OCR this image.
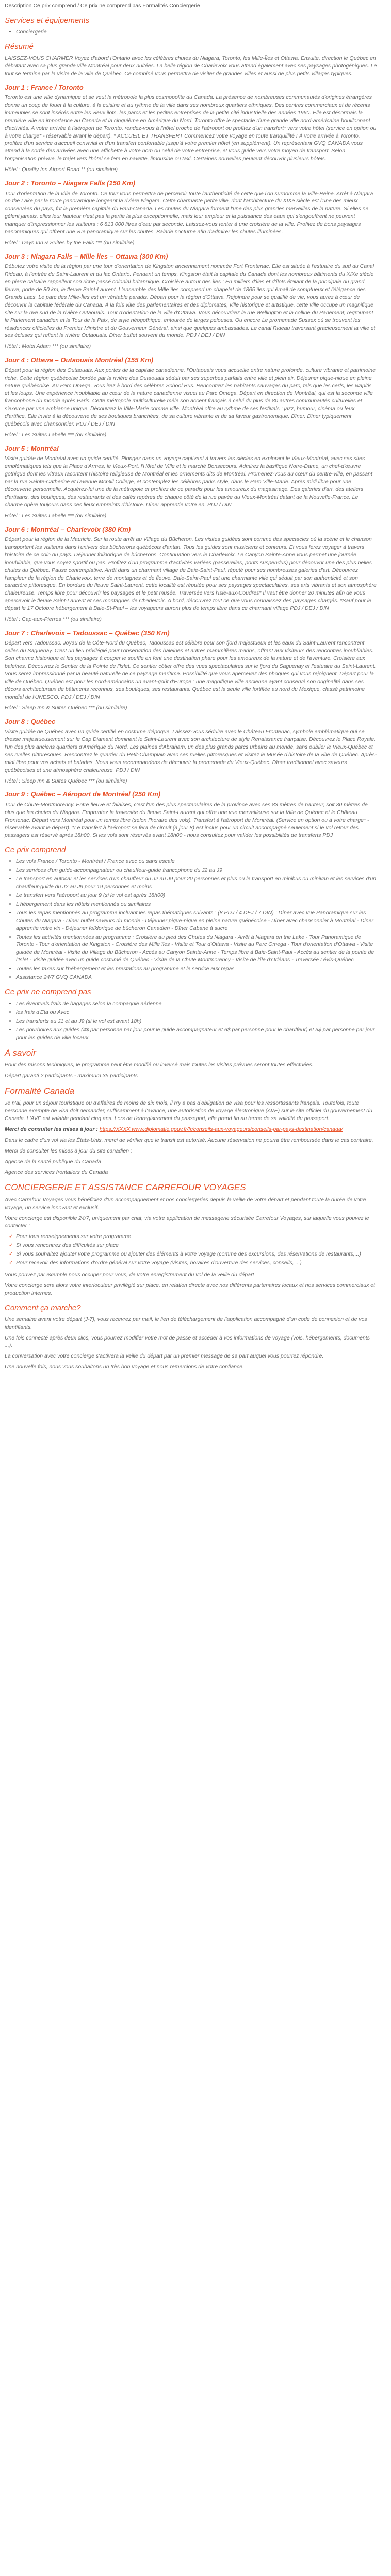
Description Ce prix comprend / Ce prix ne comprend pas Formalités Conciergerie
Services et équipements
• Conciergerie
Résumé

LAISSEZ-VOUS CHARMER Voyez d'abord l'Ontario avec les célèbres chutes du Niagara, Toronto, les Mille-Îles et Ottawa. Ensuite, direction le Québec en débutant avec sa plus grande ville Montréal pour deux nuitées. La belle région de Charlevoix vous attend également avec ses paysages photogéniques. Le tout se termine par la visite de la ville de Québec. Ce combiné vous permettra de visiter de grandes villes et aussi de plus petits villages typiques.

Jour 1 : France / Toronto

Toronto est une ville dynamique et se veut la métropole la plus cosmopolite du Canada. La présence de nombreuses communautés d'origines étrangères donne un coup de fouet à la culture, à la cuisine et au rythme de la ville dans ses nombreux quartiers ethniques. Des centres commerciaux et de récents immeubles se sont insérés entre les vieux ilots, les parcs et les petites entreprises de la petite cité industrielle des années 1960. Elle est désormais la première ville en importance au Canada et la cinquième en Amérique du Nord. Toronto offre le spectacle d'une grande ville nord-américaine bouillonnant d'activités. A votre arrivée à l'aéroport de Toronto, rendez-vous à l'hôtel proche de l'aéroport ou profitez d'un transfert* vers votre hôtel (service en option ou à votre charge* - réservable avant le départ). * ACCUEIL ET TRANSFERT Commencez votre voyage en toute tranquillité ! À votre arrivée à Toronto, profitez d'un service d'accueil convivial et d'un transfert confortable jusqu'à votre premier hôtel (en supplément). Un représentant GVQ CANADA vous attend à la sortie des arrivées avec une affichette à votre nom ou celui de votre entreprise, et vous guide vers votre moyen de transport. Selon l'organisation prévue, le trajet vers l'hôtel se fera en navette, limousine ou taxi. Certaines nouvelles peuvent découvrir plusieurs hôtels.

Hôtel : Quality Inn Airport Road ** (ou similaire)

Jour 2 : Toronto – Niagara Falls (150 Km)

Tour d'orientation de la ville de Toronto. Ce tour vous permettra de percevoir toute l'authenticité de cette que l'on surnomme la Ville-Reine. Arrêt à Niagara on the Lake par la route panoramique longeant la rivière Niagara. Cette charmante petite ville, dont l'architecture du XIXe siècle est l'une des mieux conservées du pays, fut la première capitale du Haut-Canada. Les chutes du Niagara forment l'une des plus grandes merveilles de la nature. Si elles ne gèlent jamais, elles leur hauteur n'est pas la partie la plus exceptionnelle, mais leur ampleur et la puissance des eaux qui s'engouffrent ne peuvent manquer d'impressionner les visiteurs : 6 813 000 litres d'eau par seconde. Laissez-vous tenter à une croisière de la ville. Profitez de bons paysages panoramiques qui offrent une vue panoramique sur les chutes. Balade nocturne afin d'admirer les chutes illuminées.

Hôtel : Days Inn & Suites by the Falls *** (ou similaire)

Jour 3 : Niagara Falls – Mille îles – Ottawa (300 Km)

Débutez votre visite de la région par une tour d'orientation de Kingston anciennement nommée Fort Frontenac. Elle est située à l'estuaire du sud du Canal Rideau, à l'entrée du Saint-Laurent et du lac Ontario. Pendant un temps, Kingston était la capitale du Canada dont les nombreux bâtiments du XIXe siècle en pierre calcaire rappellent son riche passé colonial britannique. Croisière autour des îles : En milliers d'îles et d'îlots étalant de la principale du grand fleuve, porte de 80 km, le fleuve Saint-Laurent. L'ensemble des Mille îles comprend un chapelet de 1865 îles qui émail de somptueux et l'élégance des Grands Lacs. Le parc des Mille-Îles est un véritable paradis. Départ pour la région d'Ottawa. Rejoindre pour se qualifié de vie, vous aurez à cœur de découvrir la capitale fédérale du Canada. À la fois ville des parlementaires et des diplomates, ville historique et artistique, cette ville occupe un magnifique site sur la rive sud de la rivière Outaouais. Tour d'orientation de la ville d'Ottawa. Vous découvrirez la rue Wellington et la colline du Parlement, regroupant le Parlement canadien et la Tour de la Paix, de style néogothique, entourée de larges pelouses. Ou encore Le promenade Sussex où se trouvent les résidences officielles du Premier Ministre et du Gouverneur Général, ainsi que quelques ambassades. Le canal Rideau traversant gracieusement la ville et ses écluses qui relient la rivière Outaouais. Diner buffet souvent du monde. PDJ / DEJ / DIN

Hôtel : Motel Adam *** (ou similaire)

Jour 4 : Ottawa – Outaouais Montréal (155 Km)

Départ pour la région des Outaouais. Aux portes de la capitale canadienne, l'Outaouais vous accueille entre nature profonde, culture vibrante et patrimoine riche. Cette région québécoise bordée par la rivière des Outaouais séduit par ses superbes parfaits entre ville et plein air. Déjeuner pique-nique en pleine nature québécoise. Au Parc Omega, vous irez à bord des célèbres School Bus. Rencontrez les habitants sauvages du parc, tels que les cerfs, les wapitis et les loups. Une expérience inoubliable au cœur de la nature canadienne visuel au Parc Omega. Départ en direction de Montréal, qui est la seconde ville francophone du monde après Paris. Cette métropole multiculturelle mêle son accent français à celui du plus de 80 autres communautés culturelles et s'exerce par une ambiance unique. Découvrez la Ville-Marie comme ville. Montréal offre au rythme de ses festivals : jazz, humour, cinéma ou feux d'artifice. Elle invite à la découverte de ses boutiques branchées, de sa culture vibrante et de sa faveur gastronomique. Dîner. Dîner typiquement québécois avec chansonnier. PDJ / DEJ / DIN

Hôtel : Les Suites Labelle *** (ou similaire)

Jour 5 : Montréal

Visite guidée de Montréal avec un guide certifié. Plongez dans un voyage captivant à travers les siècles en explorant le Vieux-Montréal, avec ses sites emblématiques tels que la Place d'Armes, le Vieux-Port, l'Hôtel de Ville et le marché Bonsecours. Admirez la basilique Notre-Dame, un chef-d'œuvre gothique dont les vitraux racontent l'histoire religieuse de Montréal et les ornements dits de Montréal. Promenez-vous au cœur du centre-ville, en passant par la rue Sainte-Catherine et l'avenue McGill College, et contemplez les célèbres parks style, dans le Parc Ville-Marie. Après midi libre pour une découverte personnelle. Acquérez-lui une de la métropole et profitez de ce paradis pour les amoureux du magasinage. Des galeries d'art, des ateliers d'artisans, des boutiques, des restaurants et des cafés repères de chaque côté de la rue pavée du Vieux-Montréal datant de la Nouvelle-France. Le charme opère toujours dans ces lieux empreints d'histoire. Dîner apprentie votre en. PDJ / DIN

Hôtel : Les Suites Labelle *** (ou similaire)

Jour 6 : Montréal – Charlevoix (380 Km)

Départ pour la région de la Mauricie. Sur la route arrêt au Village du Bûcheron. Les visites guidées sont comme des spectacles où la scène et le chanson transportent les visiteurs dans l'univers des bûcherons québécois d'antan. Tous les guides sont musiciens et conteurs. Et vous ferez voyager à travers l'histoire de ce coin du pays. Déjeuner folklorique de bûcherons. Continuation vers le Charlevoix. Le Canyon Sainte-Anne vous permet une journée inoubliable, que vous soyez sportif ou pas. Profitez d'un programme d'activités variées (passerelles, ponts suspendus) pour découvrir une des plus belles chutes du Québec. Pause contemplative. Arrêt dans un charmant village de Baie-Saint-Paul, réputé pour ses nombreuses galeries d'art. Découvrez l'ampleur de la région de Charlevoix, terre de montagnes et de fleuve. Baie-Saint-Paul est une charmante ville qui séduit par son authenticité et son caractère pittoresque. En bordure du fleuve Saint-Laurent, cette localité est réputée pour ses paysages spectaculaires, ses arts vibrants et son atmosphère chaleureuse. Temps libre pour découvrir les paysages et le petit musée. Traversée vers l'Isle-aux-Coudres* Il vaut être donner 20 minutes afin de vous apercevoir le fleuve Saint-Laurent et ses montagnes de Charlevoix. À bord, découvrez tout ce que vous connaissez des paysages chargés. *Sauf pour le départ le 17 Octobre hébergement à Baie-St-Paul – les voyageurs auront plus de temps libre dans ce charmant village PDJ / DEJ / DIN

Hôtel : Cap-aux-Pierres *** (ou similaire)

Jour 7 : Charlevoix – Tadoussac – Québec (350 Km)

Départ vers Tadoussac. Joyau de la Côte-Nord du Québec, Tadoussac est célèbre pour son fjord majestueux et les eaux du Saint-Laurent rencontrent celles du Saguenay. C'est un lieu privilégié pour l'observation des baleines et autres mammifères marins, offrant aux visiteurs des rencontres inoubliables. Son charme historique et les paysages à couper le souffle en font une destination phare pour les amoureux de la nature et de l'aventure. Croisière aux baleines. Découvrez le Sentier de la Pointe de l'Islet. Ce sentier côtier offre des vues spectaculaires sur le fjord du Saguenay et l'estuaire du Saint-Laurent. Vous serez impressionné par la beauté naturelle de ce paysage maritime. Possibilité que vous apercevez des phoques qui vous rejoignent. Départ pour la ville de Québec. Québec est pour les nord-américains un avant-goût d'Europe : une magnifique ville ancienne ayant conservé son originalité dans ses décors architecturaux de bâtiments reconnus, ses boutiques, ses restaurants. Québec est la seule ville fortifiée au nord du Mexique, classé patrimoine mondial de l'UNESCO. PDJ / DEJ / DIN

Hôtel : Sleep Inn & Suites Québec *** (ou similaire)

Jour 8 : Québec

Visite guidée de Québec avec un guide certifié en costume d'époque. Laissez-vous séduire avec le Château Frontenac, symbole emblématique qui se dresse majestueusement sur le Cap Diamant dominant le Saint-Laurent avec son architecture de style Renaissance française. Découvrez le Place Royale, l'un des plus anciens quartiers d'Amérique du Nord. Les plaines d'Abraham, un des plus grands parcs urbains au monde, sans oublier le Vieux-Québec et ses ruelles pittoresques. Rencontrez le quartier du Petit-Champlain avec ses ruelles pittoresques et visitez le Musée d'histoire de la ville de Québec. Après-midi libre pour vos achats et balades. Nous vous recommandons de découvrir la promenade du Vieux-Québec. Dîner traditionnel avec saveurs québécoises et une atmosphère chaleureuse. PDJ / DIN

Hôtel : Sleep Inn & Suites Québec *** (ou similaire)

Jour 9 : Québec – Aéroport de Montréal (250 Km)

Tour de Chute-Montmorency. Entre fleuve et falaises, c'est l'un des plus spectaculaires de la province avec ses 83 mètres de hauteur, soit 30 mètres de plus que les chutes du Niagara. Empruntez la traversée du fleuve Saint-Laurent qui offre une vue merveilleuse sur la Ville de Québec et le Château Frontenac. Départ vers Montréal pour un temps libre (selon l'horaire des vols). Transfert à l'aéroport de Montréal. (Service en option ou à votre charge* - réservable avant le départ). *Le transfert à l'aéroport se fera de circuit (à jour 8) est inclus pour un circuit accompagné seulement si le vol retour des passagers est réservé après 18h00. Si les vols sont réservés avant 18h00 - nous consultez pour valider les possibilités de transferts PDJ

Ce prix comprend
• Les vols France / Toronto - Montréal / France avec ou sans escale
• Les services d'un guide-accompagnateur ou chauffeur-guide francophone du J2 au J9
• Le transport en autocar et les services d'un chauffeur du J2 au J9 pour 20 personnes et plus ou le transport en minibus ou minivan et les services d'un chauffeur-guide du J2 au J9 pour 19 personnes et moins
• Le transfert vers l'aéroport au jour 9 (si le vol est après 18h00)
• L'hébergement dans les hôtels mentionnés ou similaires
• Tous les repas mentionnés au programme incluant les repas thématiques suivants : (8 PDJ / 4 DEJ / 7 DIN) : Dîner avec vue Panoramique sur les Chutes du Niagara - Dîner buffet saveurs du monde - Déjeuner pique-nique en pleine nature québécoise - Dîner avec chansonnier à Montréal - Diner apprentie votre vin - Déjeuner folklorique de bûcheron Canadien - Dîner Cabane à sucre
• Toutes les activités mentionnées au programme : Croisière au pied des Chutes du Niagara - Arrêt à Niagara on the Lake - Tour Panoramique de Toronto - Tour d'orientation de Kingston - Croisière des Mille îles - Visite et Tour d'Ottawa - Visite au Parc Omega - Tour d'orientation d'Ottawa - Visite guidée de Montréal - Visite du Village du Bûcheron - Accès au Canyon Sainte-Anne - Temps libre à Baie-Saint-Paul - Accès au sentier de la pointe de l'Islet - Visite guidée avec un guide costumé de Québec - Visite de la Chute Montmorency - Visite de l'île d'Orléans - Traversée Lévis-Québec
• Toutes les taxes sur l'hébergement et les prestations au programme et le service aux repas
• Assistance 24/7 GVQ CANADA
Ce prix ne comprend pas
• Les éventuels frais de bagages selon la compagnie aérienne
• les frais d'Eta ou Avec
• Les transferts au J1 et au J9 (si le vol est avant 18h)
• Les pourboires aux guides (4$ par personne par jour pour le guide accompagnateur et 6$ par personne pour le chauffeur) et 3$ par personne par jour pour les guides de ville locaux
A savoir

Pour des raisons techniques, le programme peut être modifié ou inversé mais toutes les visites prévues seront toutes effectuées.

Départ garanti 2 participants - maximum 35 participants

Formalité Canada

Je n'ai, pour un séjour touristique ou d'affaires de moins de six mois, il n'y a pas d'obligation de visa pour les ressortissants français. Toutefois, toute personne exempte de visa doit demander, suffisamment à l'avance, une autorisation de voyage électronique (AVE) sur le site officiel du gouvernement du Canada. L'AVE est valable pendant cinq ans. Lors de l'enregistrement du passeport, elle prend fin au terme de sa validité du passeport.

Merci de consulter les mises à jour : https://XXXX.www.diplomatie.gouv.fr/fr/conseils-aux-voyageurs/conseils-par-pays-destination/canada/

Dans le cadre d'un vol via les États-Unis, merci de vérifier que le transit est autorisé. Aucune réservation ne pourra être remboursée dans le cas contraire.

Merci de consulter les mises à jour du site canadien :

Agence de la santé publique du Canada

Agence des services frontaliers du Canada

CONCIERGERIE ET ASSISTANCE CARREFOUR VOYAGES

Avec Carrefour Voyages vous bénéficiez d'un accompagnement et nos conciergeries depuis la veille de votre départ et pendant toute la durée de votre voyage, un service innovant et exclusif.

Votre concierge est disponible 24/7, uniquement par chat, via votre application de messagerie sécurisée Carrefour Voyages, sur laquelle vous pouvez le contacter :

✓ Pour tous renseignements sur votre programme
✓ Si vous rencontrez des difficultés sur place
✓ Si vous souhaitez ajouter votre programme ou ajouter des éléments à votre voyage (comme des excursions, des réservations de restaurants,...)
✓ Pour recevoir des informations d'ordre général sur votre voyage (visites, horaires d'ouverture des services, conseils, ...)

Vous pouvez par exemple nous occuper pour vous, de votre enregistrement du vol de la veille du départ

Votre concierge sera alors votre interlocuteur privilégié sur place, en relation directe avec nos différents partenaires locaux et nos services commerciaux et production internes.

Comment ça marche?

Une semaine avant votre départ (J-7), vous recevrez par mail, le lien de téléchargement de l'application accompagné d'un code de connexion et de vos identifiants.

Une fois connecté après deux clics, vous pourrez modifier votre mot de passe et accéder à vos informations de voyage (vols, hébergements, documents ...).

La conversation avec votre concierge s'activera la veille du départ par un premier message de sa part auquel vous pourrez répondre.

Une nouvelle fois, nous vous souhaitons un très bon voyage et nous remercions de votre confiance.
